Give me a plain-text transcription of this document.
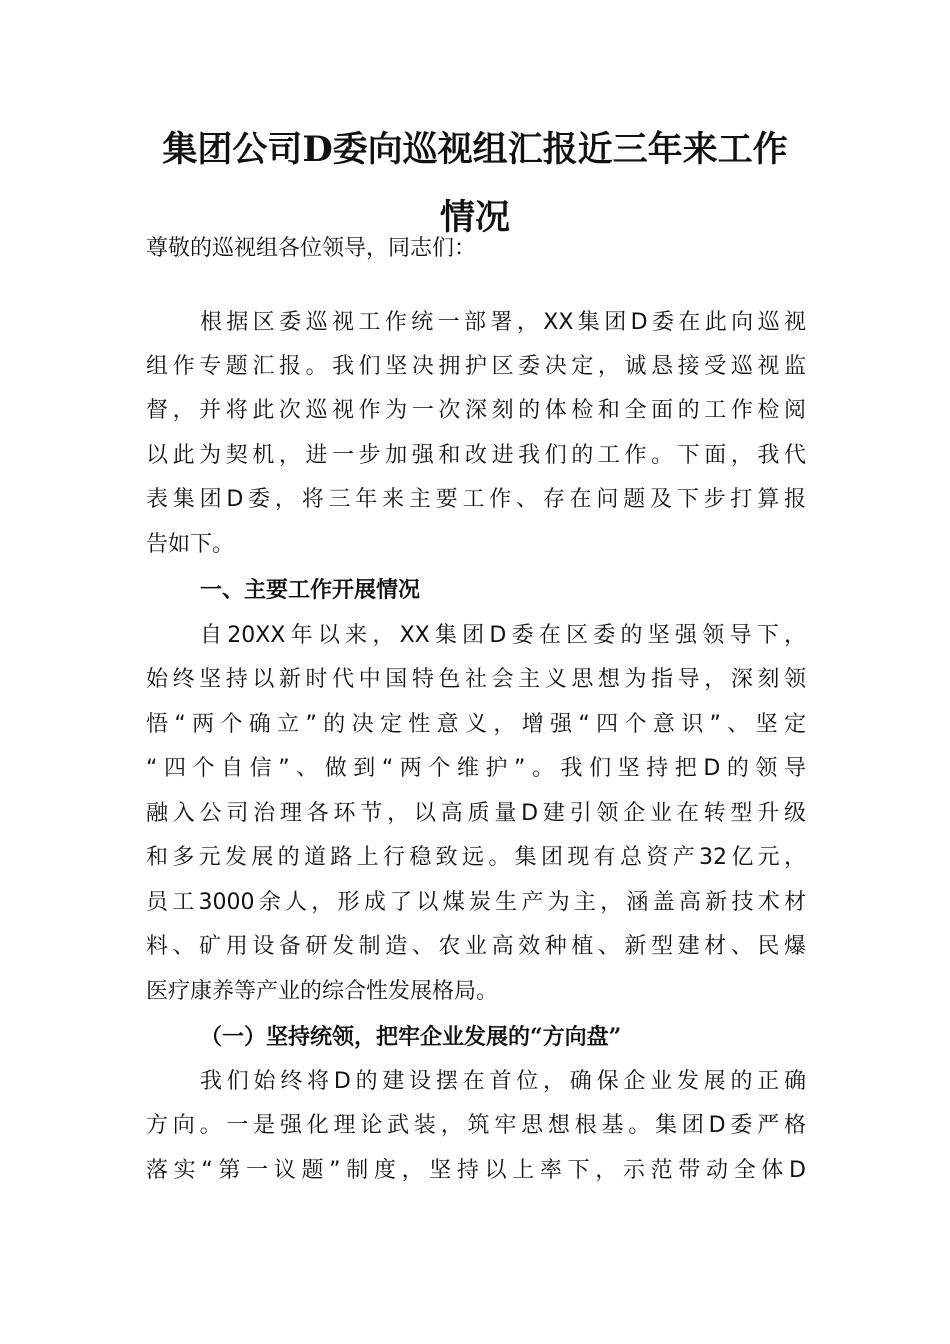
集团公司D委向巡视组汇报近三年来工作
情况

尊敬的巡视组各位领导，同志们：

根据区委巡视工作统一部署，XX集团D委在此向巡视

组作专题汇报。我们坚决拥护区委决定，诚恳接受巡视监

督，并将此次巡视作为一次深刻的体检和全面的工作检阅

以此为契机，进一步加强和改进我们的工作。下面，我代

表集团D委，将三年来主要工作、存在问题及下步打算报

告如下。

一、主要工作开展情况

自20XX年以来，XX集团D委在区委的坚强领导下，

始终坚持以新时代中国特色社会主义思想为指导，深刻领

悟“两个确立”的决定性意义，增强“四个意识”、坚定

“四个自信”、做到“两个维护”。我们坚持把D的领导

融入公司治理各环节，以高质量D建引领企业在转型升级

和多元发展的道路上行稳致远。集团现有总资产32亿元，

员工3000余人，形成了以煤炭生产为主，涵盖高新技术材

料、矿用设备研发制造、农业高效种植、新型建材、民爆

医疗康养等产业的综合性发展格局。

（一）坚持统领，把牢企业发展的“方向盘”

我们始终将D的建设摆在首位，确保企业发展的正确

方向。一是强化理论武装，筑牢思想根基。集团D委严格

落实“第一议题”制度，坚持以上率下，示范带动全体D
